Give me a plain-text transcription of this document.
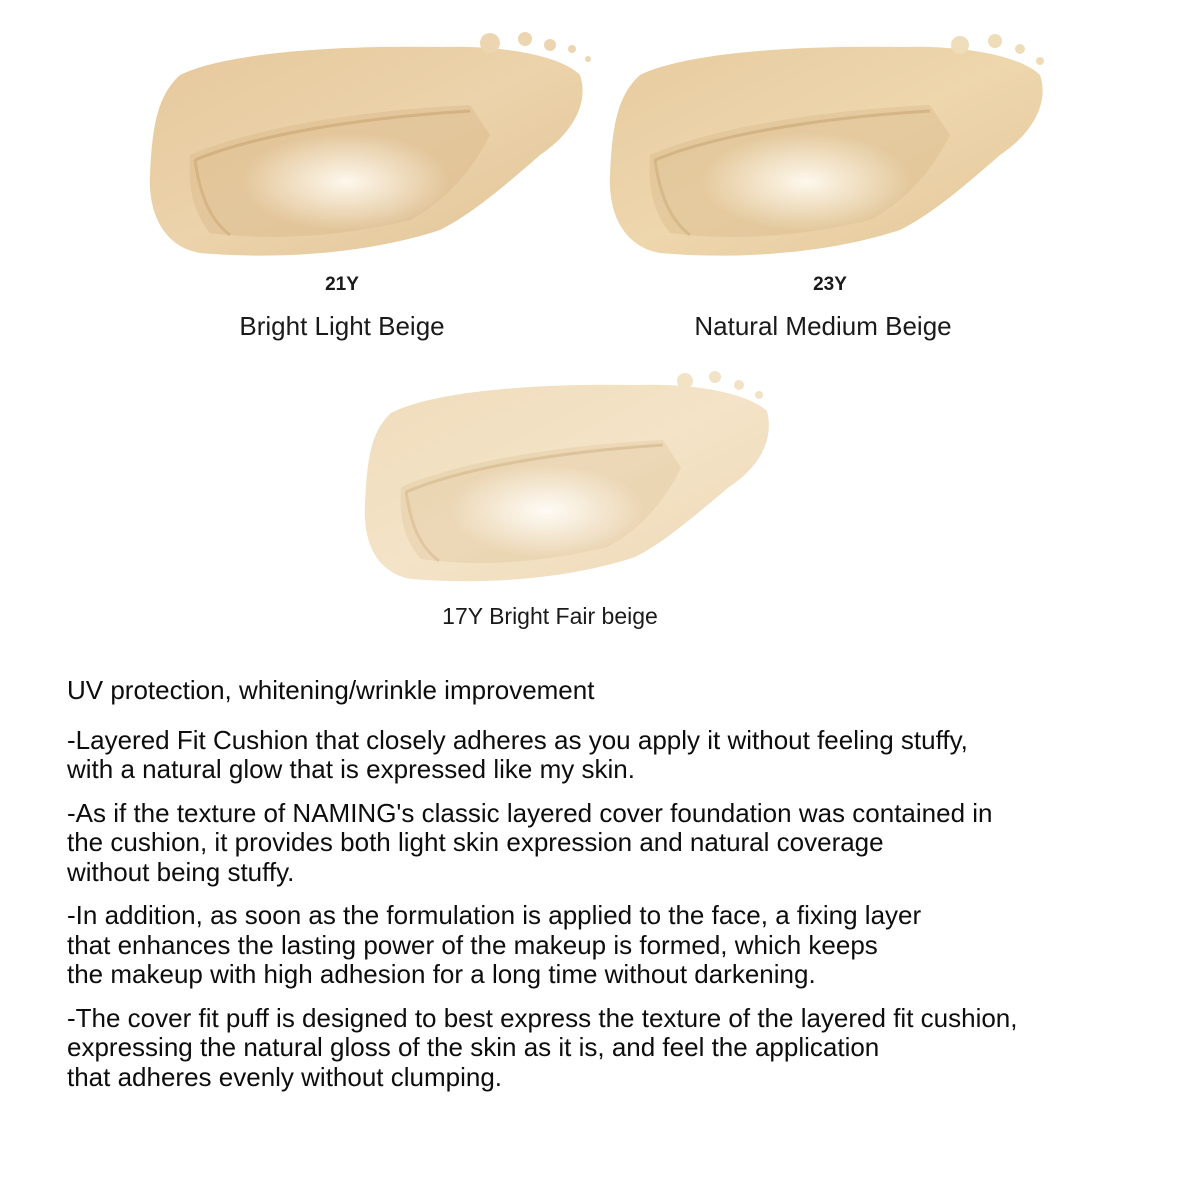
21Y
Bright Light Beige
23Y
Natural Medium Beige
17Y Bright Fair beige

UV protection, whitening/wrinkle improvement

-Layered Fit Cushion that closely adheres as you apply it without feeling stuffy,
with a natural glow that is expressed like my skin.

-As if the texture of NAMING's classic layered cover foundation was contained in
the cushion, it provides both light skin expression and natural coverage
without being stuffy.

-In addition, as soon as the formulation is applied to the face, a fixing layer
that enhances the lasting power of the makeup is formed, which keeps
the makeup with high adhesion for a long time without darkening.

-The cover fit puff is designed to best express the texture of the layered fit cushion,
expressing the natural gloss of the skin as it is, and feel the application
that adheres evenly without clumping.
